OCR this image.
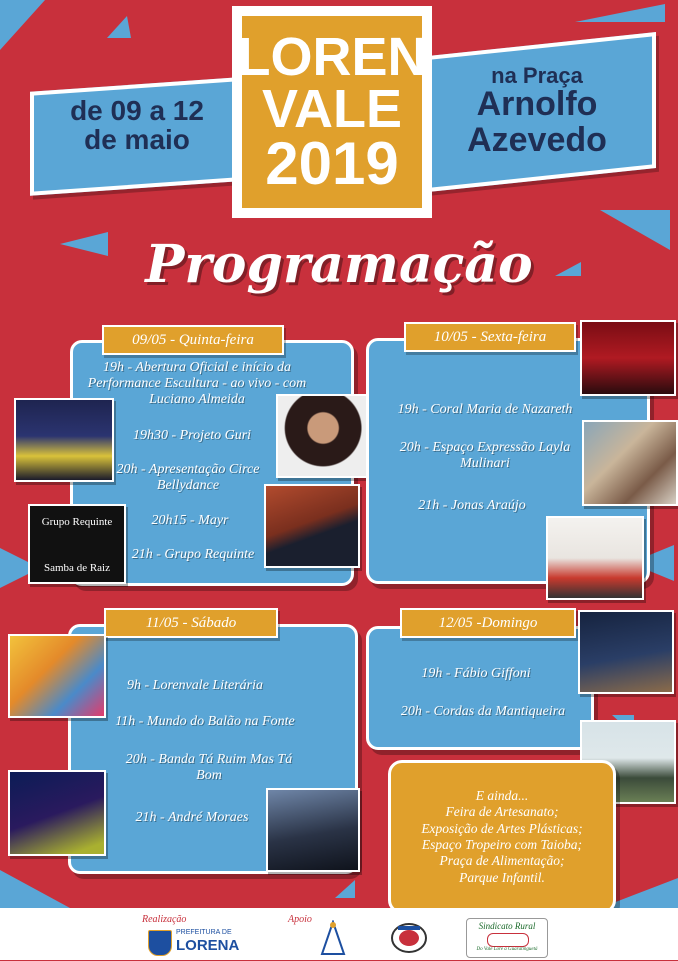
de 09 a 12
de maio
na Praça
Arnolfo
Azevedo
LOREN
VALE
2019
Programação
09/05 - Quinta-feira
19h - Abertura Oficial e início da Performance Escultura - ao vivo - com Luciano Almeida
19h30 - Projeto Guri
20h - Apresentação Circe Bellydance
20h15 - Mayr
21h - Grupo Requinte
Grupo Requinte
Samba de Raiz
10/05 - Sexta-feira
19h - Coral Maria de Nazareth
20h - Espaço Expressão Layla Mulinari
21h - Jonas Araújo
11/05 - Sábado
9h - Lorenvale Literária
11h - Mundo do Balão na Fonte
20h - Banda Tá Ruim Mas Tá Bom
21h - André Moraes
12/05 -Domingo
19h - Fábio Giffoni
20h - Cordas da Mantiqueira
E ainda...
Feira de Artesanato;
Exposição de Artes Plásticas;
Espaço Tropeiro com Taioba;
Praça de Alimentação;
Parque Infantil.
Realização
PREFEITURA DE
LORENA
Apoio
Sindicato Rural
Do Vale Lore a Guaratinguetá
